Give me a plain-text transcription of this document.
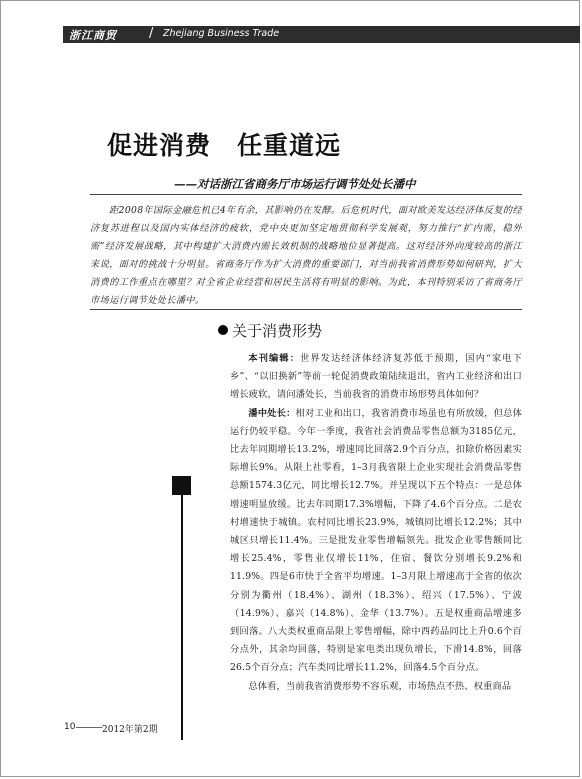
浙江商贸 / Zhejiang Business Trade
促进消费　任重道远
——对话浙江省商务厅市场运行调节处处长潘中

　　距2008年国际金融危机已4年有余，其影响仍在发酵。后危机时代，面对欧美发达经济体反复的经济复苏进程以及国内实体经济的疲软，党中央更加坚定地贯彻科学发展观，努力推行“扩内需，稳外需”经济发展战略，其中构建扩大消费内需长效机制的战略地位显著提高。这对经济外向度较高的浙江来说，面对的挑战十分明显。省商务厅作为扩大消费的重要部门，对当前我省消费形势如何研判，扩大消费的工作重点在哪里？对全省企业经营和居民生活将有明显的影响。为此，本刊特别采访了省商务厅市场运行调节处处长潘中。

关于消费形势

本刊编辑：世界发达经济体经济复苏低于预期，国内“家电下乡”、“以旧换新”等前一轮促消费政策陆续退出，省内工业经济和出口增长疲软，请问潘处长，当前我省的消费市场形势具体如何？

潘中处长：相对工业和出口，我省消费市场虽也有所放缓，但总体运行仍较平稳。今年一季度，我省社会消费品零售总额为3185亿元，比去年同期增长13.2%，增速同比回落2.9个百分点，扣除价格因素实际增长9%。从限上社零看，1–3月我省限上企业实现社会消费品零售总额1574.3亿元，同比增长12.7%。并呈现以下五个特点：一是总体增速明显放缓。比去年同期17.3%增幅，下降了4.6个百分点。二是农村增速快于城镇。农村同比增长23.9%，城镇同比增长12.2%；其中城区只增长11.4%。三是批发业零售增幅领先。批发企业零售额同比增长25.4%，零售业仅增长11%，住宿、餐饮分别增长9.2%和11.9%。四是6市快于全省平均增速。1–3月限上增速高于全省的依次分别为衢州（18.4%）、湖州（18.3%）、绍兴（17.5%）、宁波（14.9%）、嘉兴（14.8%）、金华（13.7%）。五是权重商品增速多到回落。八大类权重商品限上零售增幅，除中西药品同比上升0.6个百分点外，其余均回落，特别是家电类出现负增长，下滑14.8%，回落26.5个百分点；汽车类同比增长11.2%，回落4.5个百分点。

总体看，当前我省消费形势不容乐观，市场热点不热、权重商品

10	2012年第2期
